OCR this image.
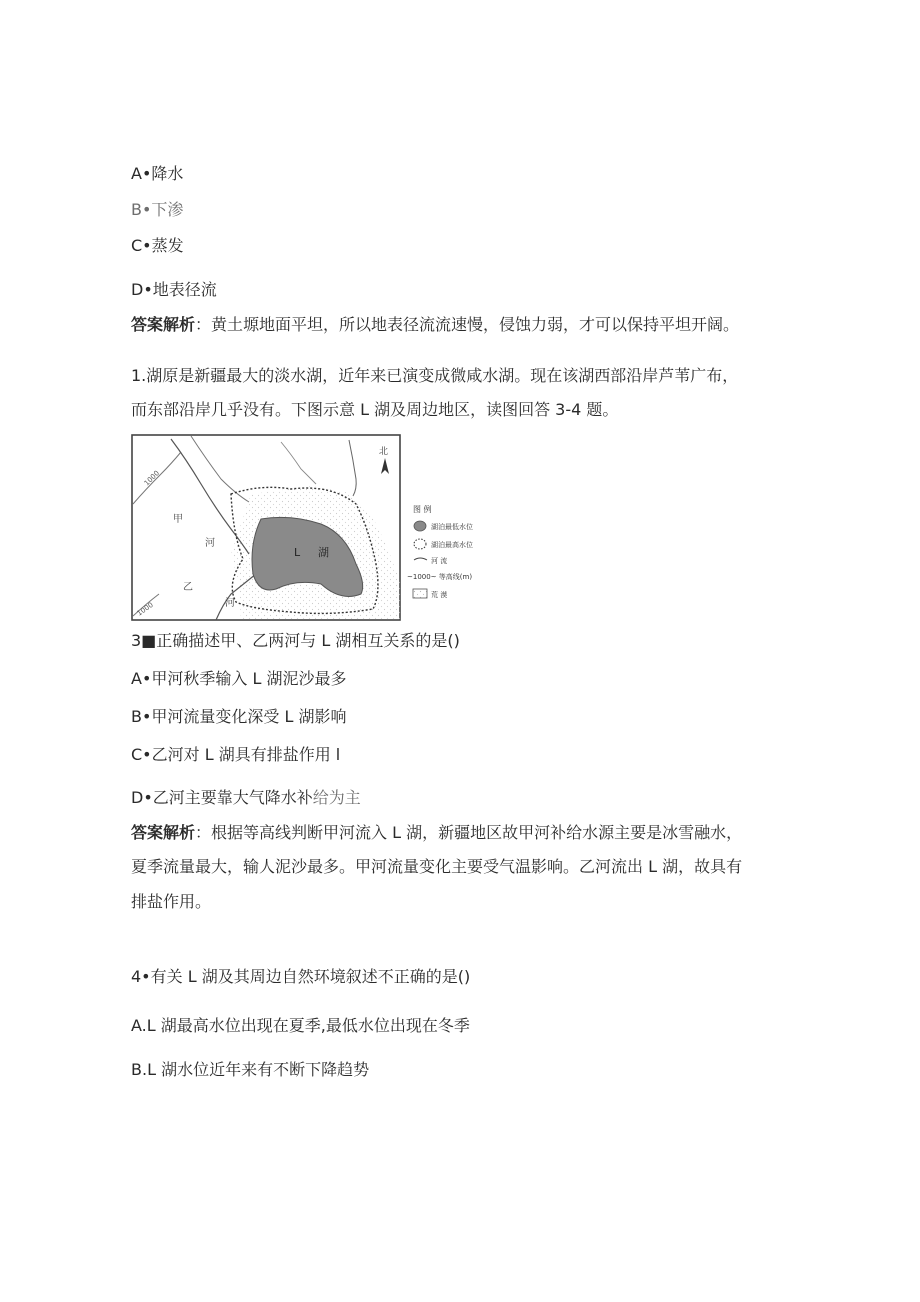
A•降水
B•下渗
C•蒸发
D•地表径流
答案解析：黄土塬地面平坦，所以地表径流流速慢，侵蚀力弱，才可以保持平坦开阔。
1.湖原是新疆最大的淡水湖，近年来已演变成微咸水湖。现在该湖西部沿岸芦苇广布，
而东部沿岸几乎没有。下图示意 L 湖及周边地区，读图回答 3-4 题。
北
L 湖
甲
河
乙
河
1000
1000
图 例
湖泊最低水位
湖泊最高水位
河 流
~1000~ 等高线(m)
荒 漠
3■正确描述甲、乙两河与 L 湖相互关系的是()
A•甲河秋季输入 L 湖泥沙最多
B•甲河流量变化深受 L 湖影响
C•乙河对 L 湖具有排盐作用 l
D•乙河主要靠大气降水补给为主
答案解析：根据等高线判断甲河流入 L 湖，新疆地区故甲河补给水源主要是冰雪融水，
夏季流量最大，输人泥沙最多。甲河流量变化主要受气温影响。乙河流出 L 湖，故具有
排盐作用。
4•有关 L 湖及其周边自然环境叙述不正确的是()
A.L 湖最高水位出现在夏季,最低水位出现在冬季
B.L 湖水位近年来有不断下降趋势
